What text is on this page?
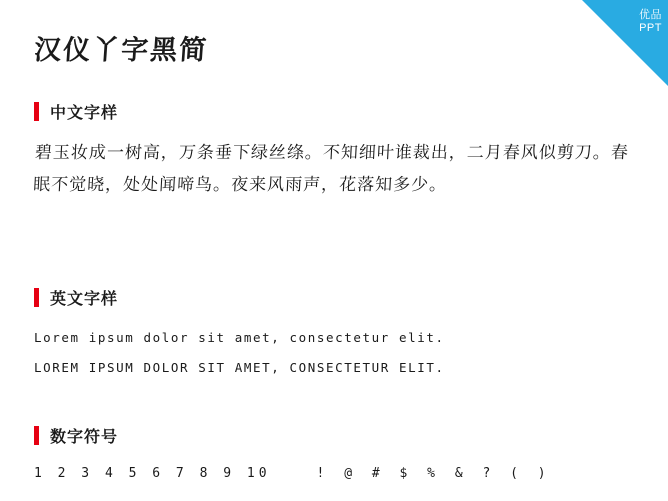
优品
PPT
汉仪丫字黑简
中文字样
碧玉妆成一树高，万条垂下绿丝绦。不知细叶谁裁出，二月春风似剪刀。春眠不觉晓，处处闻啼鸟。夜来风雨声，花落知多少。
英文字样
Lorem ipsum dolor sit amet, consectetur elit.
LOREM IPSUM DOLOR SIT AMET, CONSECTETUR ELIT.
数字符号
1 2 3 4 5 6 7 8 9 10	! @ # $ % & ? ( )
